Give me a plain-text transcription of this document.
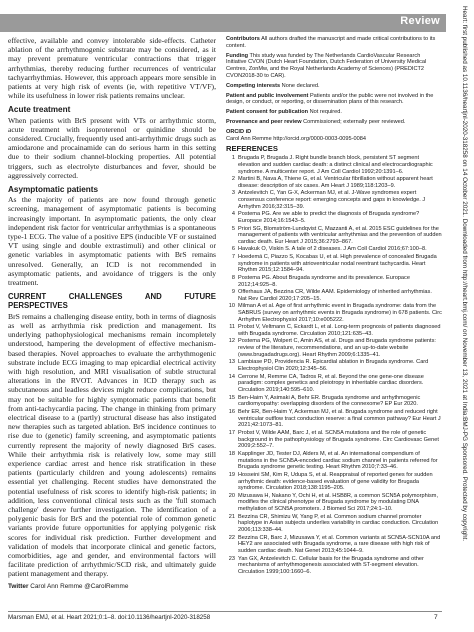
Review

effective, available and convey intolerable side-effects. Catheter ablation of the arrhythmogenic substrate may be considered, as it may prevent premature ventricular contractions that trigger arrhythmias, thereby reducing further recurrences of ventricular tachyarrhythmias. However, this approach appears more sensible in patients at very high risk of events (ie, with repetitive VT/VF), while its usefulness in lower risk patients remains unclear.

Acute treatment

When patients with BrS present with VTs or arrhythmic storm, acute treatment with isoproterenol or quinidine should be considered. Crucially, frequently used anti-arrhythmic drugs such as amiodarone and procainamide can do serious harm in this setting due to their sodium channel-blocking properties. All potential triggers, such as electrolyte disturbances and fever, should be aggressively corrected.

Asymptomatic patients

As the majority of patients are now found through genetic screening, management of asymptomatic patients is becoming increasingly important. In asymptomatic patients, the only clear independent risk factor for ventricular arrhythmias is a spontaneous type-1 ECG. The value of a positive EPS (inducible VF or sustained VT using single and double extrastimuli) and other clinical or genetic variables in asymptomatic patients with BrS remains unresolved. Generally, an ICD is not recommended in asymptomatic patients, and avoidance of triggers is the only treatment.

CURRENT CHALLENGES AND FUTURE PERSPECTIVES

BrS remains a challenging disease entity, both in terms of diagnosis as well as arrhythmia risk prediction and management. Its underlying pathophysiological mechanisms remain incompletely understood, hampering the development of effective mechanism-based therapies. Novel approaches to evaluate the arrhythmogenic substrate include ECG imaging to map epicardial electrical activity with high resolution, and MRI visualisation of subtle structural alterations in the RVOT. Advances in ICD therapy such as subcutaneous and leadless devices might reduce complications, but may not be suitable for highly symptomatic patients that benefit from anti-tachycardia pacing. The change in thinking from primary electrical disease to a (partly) structural disease has also instigated new therapies such as targeted ablation. BrS incidence continues to rise due to (genetic) family screening, and asymptomatic patients currently represent the majority of newly diagnosed BrS cases. While their arrhythmia risk is relatively low, some may still experience cardiac arrest and hence risk stratification in these patients (particularly children and young adolescents) remains essential yet challenging. Recent studies have demonstrated the potential usefulness of risk scores to identify high-risk patients; in addition, less conventional clinical tests such as the 'full stomach challenge' deserve further investigation. The identification of a polygenic basis for BrS and the potential role of common genetic variants provide future opportunities for applying polygenic risk scores for individual risk prediction. Further development and validation of models that incorporate clinical and genetic factors, comorbidities, age and gender, and environmental factors will facilitate prediction of arrhythmic/SCD risk, and ultimately guide patient management and therapy.

Twitter Carol Ann Remme @CarolRemme

Contributors All authors drafted the manuscript and made critical contributions to its content.

Funding This study was funded by The Netherlands CardioVascular Research Initiative CVON (Dutch Heart Foundation, Dutch Federation of University Medical Centres, ZonMw, and the Royal Netherlands Academy of Sciences) (PREDICT2 CVON2018-30 to CAR).

Competing interests None declared.

Patient and public involvement Patients and/or the public were not involved in the design, or conduct, or reporting, or dissemination plans of this research.

Patient consent for publication Not required.

Provenance and peer review Commissioned; externally peer reviewed.

ORCID iD

Carol Ann Remme http://orcid.org/0000-0003-0095-0084

REFERENCES
1 Brugada P, Brugada J. Right bundle branch block, persistent ST segment elevation and sudden cardiac death: a distinct clinical and electrocardiographic syndrome. A multicenter report. J Am Coll Cardiol 1992;20:1391–6.
2 Martini B, Nava A, Thiene G, et al. Ventricular fibrillation without apparent heart disease: description of six cases. Am Heart J 1989;118:1203–9.
3 Antzelevitch C, Yan G-X, Ackerman MJ, et al. J-Wave syndromes expert consensus conference report: emerging concepts and gaps in knowledge. J Arrhythm 2016;32:315–39.
4 Postema PG. Are we able to predict the diagnosis of Brugada syndrome? Europace 2014;16:1543–5.
5 Priori SG, Blomström-Lundqvist C, Mazzanti A, et al. 2015 ESC guidelines for the management of patients with ventricular arrhythmias and the prevention of sudden cardiac death. Eur Heart J 2015;36:2793–867.
6 Havakuk O, Viskin S. A tale of 2 diseases. J Am Coll Cardiol 2016;67:100–8.
7 Hoedemá C, Piazzo S, Kocabas U, et al. High prevalence of concealed Brugada syndrome in patients with atrioventricular nodal reentrant tachycardia. Heart Rhythm 2015;12:1584–94.
8 Postema PG. About Brugada syndrome and its prevalence. Europace 2012;14:925–8.
9 Offerhaus JA, Bezzina CR, Wilde AAM. Epidemiology of inherited arrhythmias. Nat Rev Cardiol 2020;17:205–15.
10 Milman A et al. Age of first arrhythmic event in Brugada syndrome: data from the SABRUS (survey on arrhythmic events in Brugada syndrome) in 678 patients. Circ Arrhythm Electrophysiol 2017;10:e005222.
11 Probst V, Veltmann C, Eckardt L, et al. Long-term prognosis of patients diagnosed with Brugada syndrome. Circulation 2010;121:635–43.
12 Postema PG, Wolpert C, Amin AS, et al. Drugs and Brugada syndrome patients: review of the literature, recommendations, and an up-to-date website (www.brugadadrugs.org). Heart Rhythm 2009;6:1335–41.
13 Lambiase PD, Providencia R. Epicardial ablation in Brugada syndrome. Card Electrophysiol Clin 2020;12:345–56.
14 Cerrone M, Remme CA, Tadros R, et al. Beyond the one gene-one disease paradigm: complex genetics and pleiotropy in inheritable cardiac disorders. Circulation 2019;140:595–610.
15 Ben-Haim Y, Asimaki A, Behr ER. Brugada syndrome and arrhythmogenic cardiomyopathy: overlapping disorders of the connexome? EP Eur 2020.
16 Behr ER, Ben-Haim Y, Ackerman MJ, et al. Brugada syndrome and reduced right ventricular outflow tract conduction reserve: a final common pathway? Eur Heart J 2021;42:1073–81.
17 Probst V, Wilde AAM, Barc J, et al. SCN5A mutations and the role of genetic background in the pathophysiology of Brugada syndrome. Circ Cardiovasc Genet 2009;2:552–7.
18 Kapplinger JD, Tester DJ, Alders M, et al. An international compendium of mutations in the SCN5A-encoded cardiac sodium channel in patients referred for Brugada syndrome genetic testing. Heart Rhythm 2010;7:33–46.
19 Hosseini SM, Kim R, Udupa S, et al. Reappraisal of reported genes for sudden arrhythmic death: evidence-based evaluation of gene validity for Brugada syndrome. Circulation 2018;138:1195–205.
20 Mizusawa H, Nakano Y, Ochi H, et al. HSB8R, a common SCN5A polymorphism, modifies the clinical phenotype of Brugada syndrome by modulating DNA methylation of SCN5A promoters. J Biomed Sci 2017;24:1–10.
21 Bezzina CR, Shimizu W, Yang P, et al. Common sodium channel promoter haplotype in Asian subjects underlies variability in cardiac conduction. Circulation 2006;113:338–44.
22 Bezzina CR, Barc J, Mizusawa Y, et al. Common variants at SCN5A-SCN10A and HEY2 are associated with Brugada syndrome, a rare disease with high risk of sudden cardiac death. Nat Genet 2013;45:1044–9.
23 Yan GX, Antzelevitch C. Cellular basis for the Brugada syndrome and other mechanisms of arrhythmogenesis associated with ST-segment elevation. Circulation 1999;100:1660–6.
Marsman EMJ, et al. Heart 2021;0:1–8. doi:10.1136/heartjnl-2020-318258	7
Heart: first published as 10.1136/heartjnl-2020-318258 on 14 October 2021. Downloaded from http://heart.bmj.com/ on November 13, 2021 at India:BMJ-PG Sponsored. Protected by copyright.
